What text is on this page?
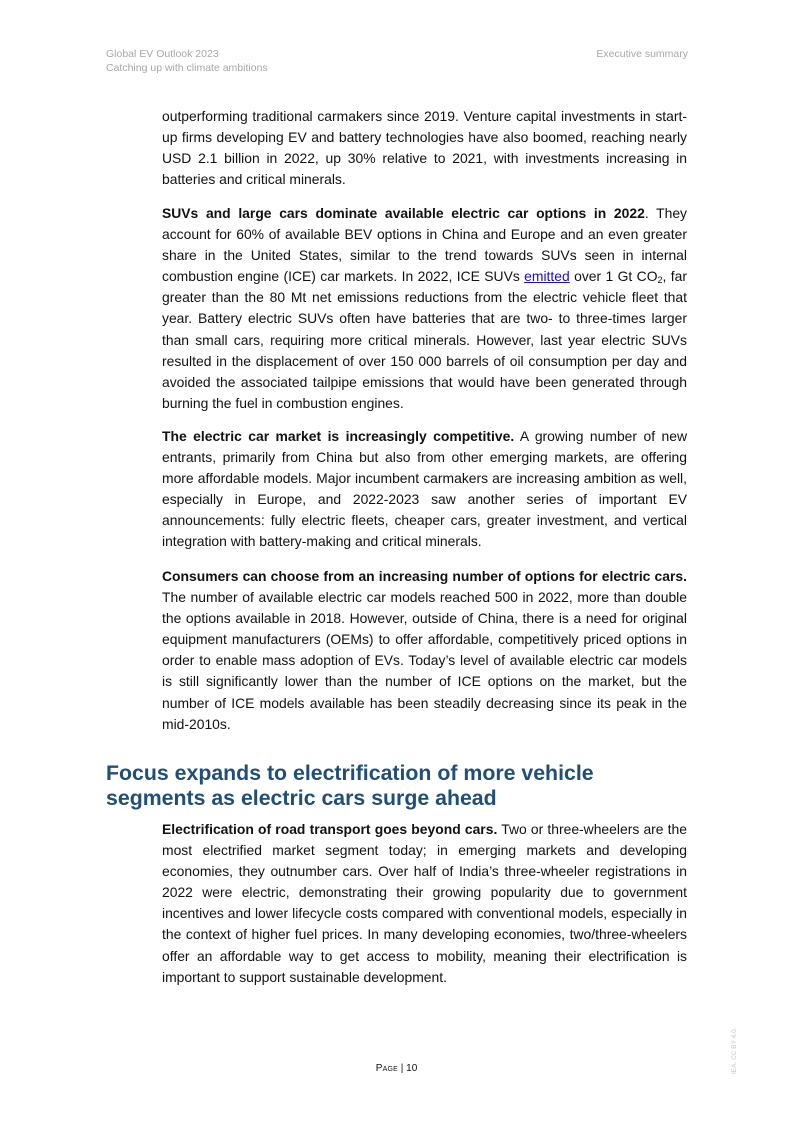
Global EV Outlook 2023
Catching up with climate ambitions
Executive summary

outperforming traditional carmakers since 2019. Venture capital investments in start-up firms developing EV and battery technologies have also boomed, reaching nearly USD 2.1 billion in 2022, up 30% relative to 2021, with investments increasing in batteries and critical minerals.

SUVs and large cars dominate available electric car options in 2022. They account for 60% of available BEV options in China and Europe and an even greater share in the United States, similar to the trend towards SUVs seen in internal combustion engine (ICE) car markets. In 2022, ICE SUVs emitted over 1 Gt $CO_2$, far greater than the 80 Mt net emissions reductions from the electric vehicle fleet that year. Battery electric SUVs often have batteries that are two- to three-times larger than small cars, requiring more critical minerals. However, last year electric SUVs resulted in the displacement of over 150 000 barrels of oil consumption per day and avoided the associated tailpipe emissions that would have been generated through burning the fuel in combustion engines.

The electric car market is increasingly competitive. A growing number of new entrants, primarily from China but also from other emerging markets, are offering more affordable models. Major incumbent carmakers are increasing ambition as well, especially in Europe, and 2022-2023 saw another series of important EV announcements: fully electric fleets, cheaper cars, greater investment, and vertical integration with battery-making and critical minerals.

Consumers can choose from an increasing number of options for electric cars. The number of available electric car models reached 500 in 2022, more than double the options available in 2018. However, outside of China, there is a need for original equipment manufacturers (OEMs) to offer affordable, competitively priced options in order to enable mass adoption of EVs. Today’s level of available electric car models is still significantly lower than the number of ICE options on the market, but the number of ICE models available has been steadily decreasing since its peak in the mid-2010s.

Focus expands to electrification of more vehicle
segments as electric cars surge ahead

Electrification of road transport goes beyond cars. Two or three-wheelers are the most electrified market segment today; in emerging markets and developing economies, they outnumber cars. Over half of India’s three-wheeler registrations in 2022 were electric, demonstrating their growing popularity due to government incentives and lower lifecycle costs compared with conventional models, especially in the context of higher fuel prices. In many developing economies, two/three-wheelers offer an affordable way to get access to mobility, meaning their electrification is important to support sustainable development.

Page | 10	IEA. CC BY 4.0.
